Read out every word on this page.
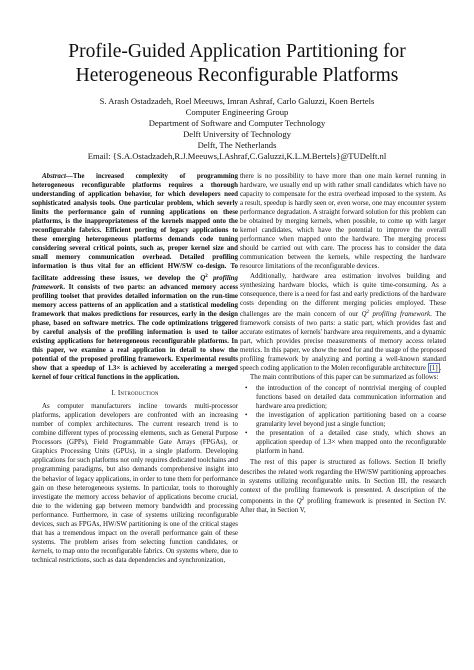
Profile-Guided Application Partitioning for
Heterogeneous Reconfigurable Platforms
S. Arash Ostadzadeh, Roel Meeuws, Imran Ashraf, Carlo Galuzzi, Koen Bertels
Computer Engineering Group
Department of Software and Computer Technology
Delft University of Technology
Delft, The Netherlands
Email: {S.A.Ostadzadeh,R.J.Meeuws,I.Ashraf,C.Galuzzi,K.L.M.Bertels}@TUDelft.nl

Abstract—The increased complexity of programming heterogeneous reconfigurable platforms requires a thorough understanding of application behavior, for which developers need sophisticated analysis tools. One particular problem, which severly limits the performance gain of running applications on these platforms, is the inappropriateness of the kernels mapped onto the reconfigurable fabrics. Efficient porting of legacy applications to these emerging heterogeneous platforms demands code tuning considering several critical points, such as, proper kernel size and small memory communication overhead. Detailed profiling information is thus vital for an efficient HW/SW co-design. To facilitate addressing these issues, we develop the $Q^2$ profiling framework. It consists of two parts: an advanced memory access profiling toolset that provides detailed information on the run-time memory access patterns of an application and a statistical modeling framework that makes predictions for resources, early in the design phase, based on software metrics. The code optimizations triggered by careful analysis of the profiling information is used to tailor existing applications for heterogeneous reconfigurable platforms. In this paper, we examine a real application in detail to show the potential of the proposed profiling framework. Experimental results show that a speedup of 1.3× is achieved by accelerating a merged kernel of four critical functions in the application.

I. Introduction

As computer manufacturers incline towards multi-processor platforms, application developers are confronted with an increasing number of complex architectures. The current research trend is to combine different types of processing elements, such as General Purpose Processors (GPPs), Field Programmable Gate Arrays (FPGAs), or Graphics Processing Units (GPUs), in a single platform. Developing applications for such platforms not only requires dedicated toolchains and programming paradigms, but also demands comprehensive insight into the behavior of legacy applications, in order to tune them for performance gain on these heterogeneous systems. In particular, tools to thoroughly investigate the memory access behavior of applications become crucial, due to the widening gap between memory bandwidth and processing performance. Furthermore, in case of systems utilizing reconfigurable devices, such as FPGAs, HW/SW partitioning is one of the critical stages that has a tremendous impact on the overall performance gain of these systems. The problem arises from selecting function candidates, or kernels, to map onto the reconfigurable fabrics. On systems where, due to technical restrictions, such as data dependencies and synchronization,

there is no possibility to have more than one main kernel running in hardware, we usually end up with rather small candidates which have no capacity to compensate for the extra overhead imposed to the system. As a result, speedup is hardly seen or, even worse, one may encounter system performance degradation. A straight forward solution for this problem can be obtained by merging kernels, when possible, to come up with larger kernel candidates, which have the potential to improve the overall performance when mapped onto the hardware. The merging process should be carried out with care. The process has to consider the data communication between the kernels, while respecting the hardware resource limitations of the reconfigurable devices.

Additionally, hardware area estimation involves building and synthesizing hardware blocks, which is quite time-consuming. As a consequence, there is a need for fast and early predictions of the hardware costs depending on the different merging policies employed. These challenges are the main concern of our $Q^2$ profiling framework. The framework consists of two parts: a static part, which provides fast and accurate estimates of kernels' hardware area requirements, and a dynamic part, which provides precise measurements of memory access related metrics. In this paper, we show the need for and the usage of the proposed profiling framework by analyzing and porting a well-known standard speech coding application to the Molen reconfigurable architecture [1] .

The main contributions of this paper can be summarized as follows:

• the introduction of the concept of nontrivial merging of coupled functions based on detailed data communication information and hardware area prediction;
• the investigation of application partitioning based on a coarse granularity level beyond just a single function;
• the presentation of a detailed case study, which shows an application speedup of 1.3× when mapped onto the reconfigurable platform in hand.

The rest of this paper is structured as follows. Section II briefly describes the related work regarding the HW/SW partitioning approaches in systems utilizing reconfigurable units. In Section III, the research context of the profiling framework is presented. A description of the components in the $Q^2$ profiling framework is presented in Section IV. After that, in Section V,
